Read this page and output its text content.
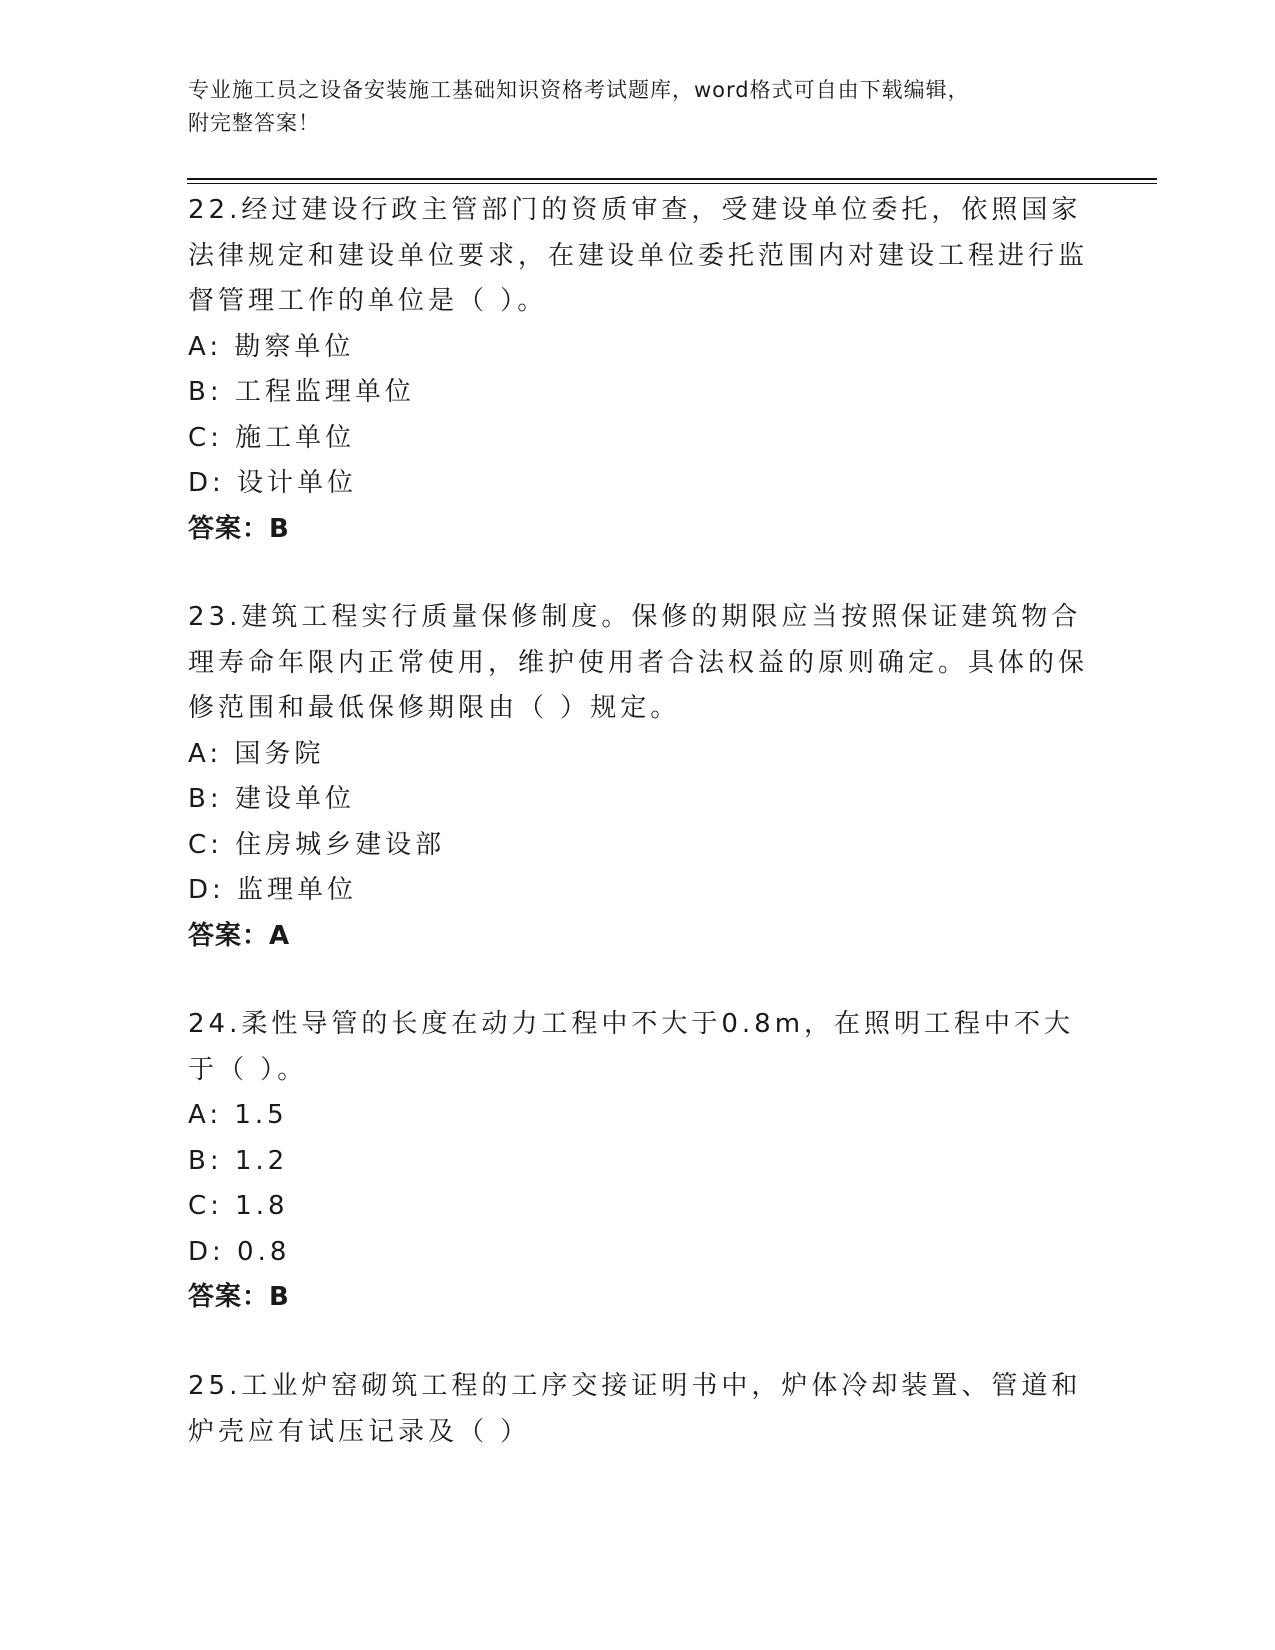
专业施工员之设备安装施工基础知识资格考试题库，word格式可自由下载编辑，
附完整答案！
22.经过建设行政主管部门的资质审查，受建设单位委托，依照国家法律规定和建设单位要求，在建设单位委托范围内对建设工程进行监督管理工作的单位是（ ）。
A: 勘察单位
B: 工程监理单位
C: 施工单位
D: 设计单位
答案：B
23.建筑工程实行质量保修制度。保修的期限应当按照保证建筑物合理寿命年限内正常使用，维护使用者合法权益的原则确定。具体的保修范围和最低保修期限由（ ）规定。
A: 国务院
B: 建设单位
C: 住房城乡建设部
D: 监理单位
答案：A
24.柔性导管的长度在动力工程中不大于0.8m，在照明工程中不大于（ ）。
A: 1.5
B: 1.2
C: 1.8
D: 0.8
答案：B
25.工业炉窑砌筑工程的工序交接证明书中，炉体冷却装置、管道和炉壳应有试压记录及（ ）
